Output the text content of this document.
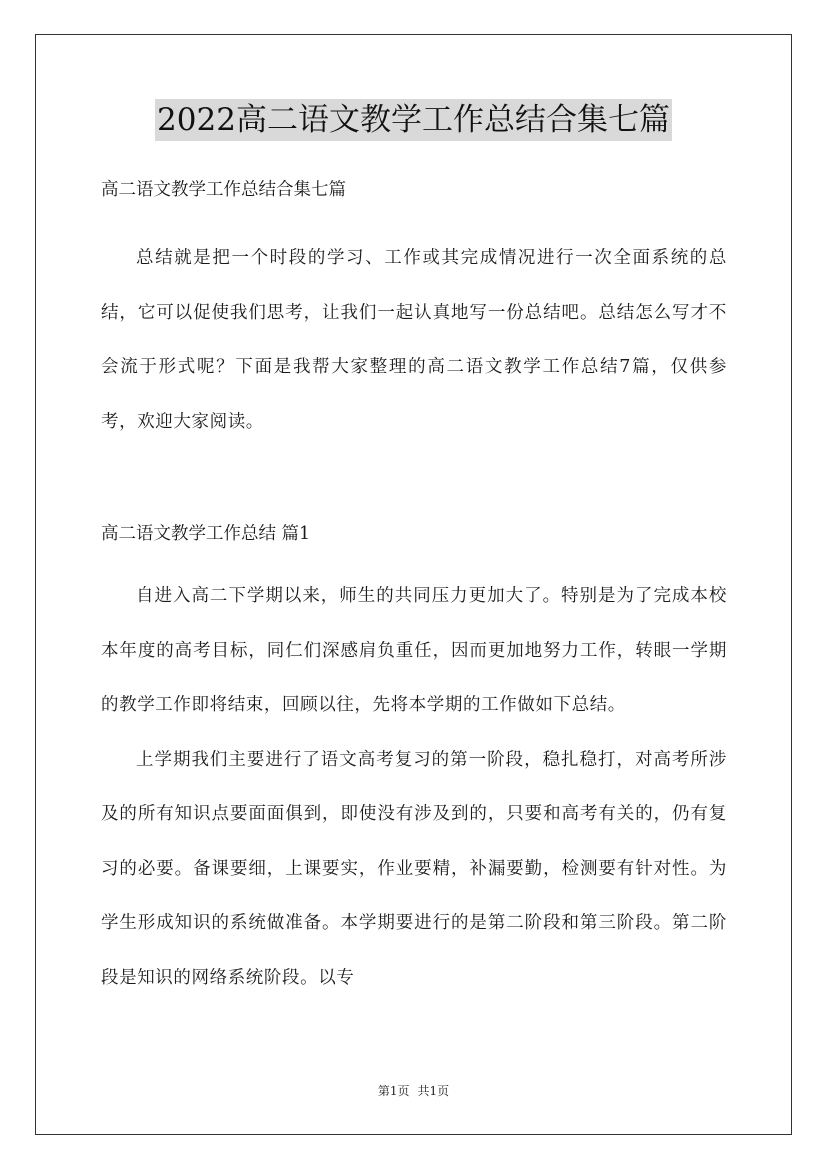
2022高二语文教学工作总结合集七篇

高二语文教学工作总结合集七篇

总结就是把一个时段的学习、工作或其完成情况进行一次全面系统的总结，它可以促使我们思考，让我们一起认真地写一份总结吧。总结怎么写才不会流于形式呢？下面是我帮大家整理的高二语文教学工作总结7篇，仅供参考，欢迎大家阅读。

高二语文教学工作总结 篇1

自进入高二下学期以来，师生的共同压力更加大了。特别是为了完成本校本年度的高考目标，同仁们深感肩负重任，因而更加地努力工作，转眼一学期的教学工作即将结束，回顾以往，先将本学期的工作做如下总结。

上学期我们主要进行了语文高考复习的第一阶段，稳扎稳打，对高考所涉及的所有知识点要面面俱到，即使没有涉及到的，只要和高考有关的，仍有复习的必要。备课要细，上课要实，作业要精，补漏要勤，检测要有针对性。为学生形成知识的系统做准备。本学期要进行的是第二阶段和第三阶段。第二阶段是知识的网络系统阶段。以专

第1页 共1页
